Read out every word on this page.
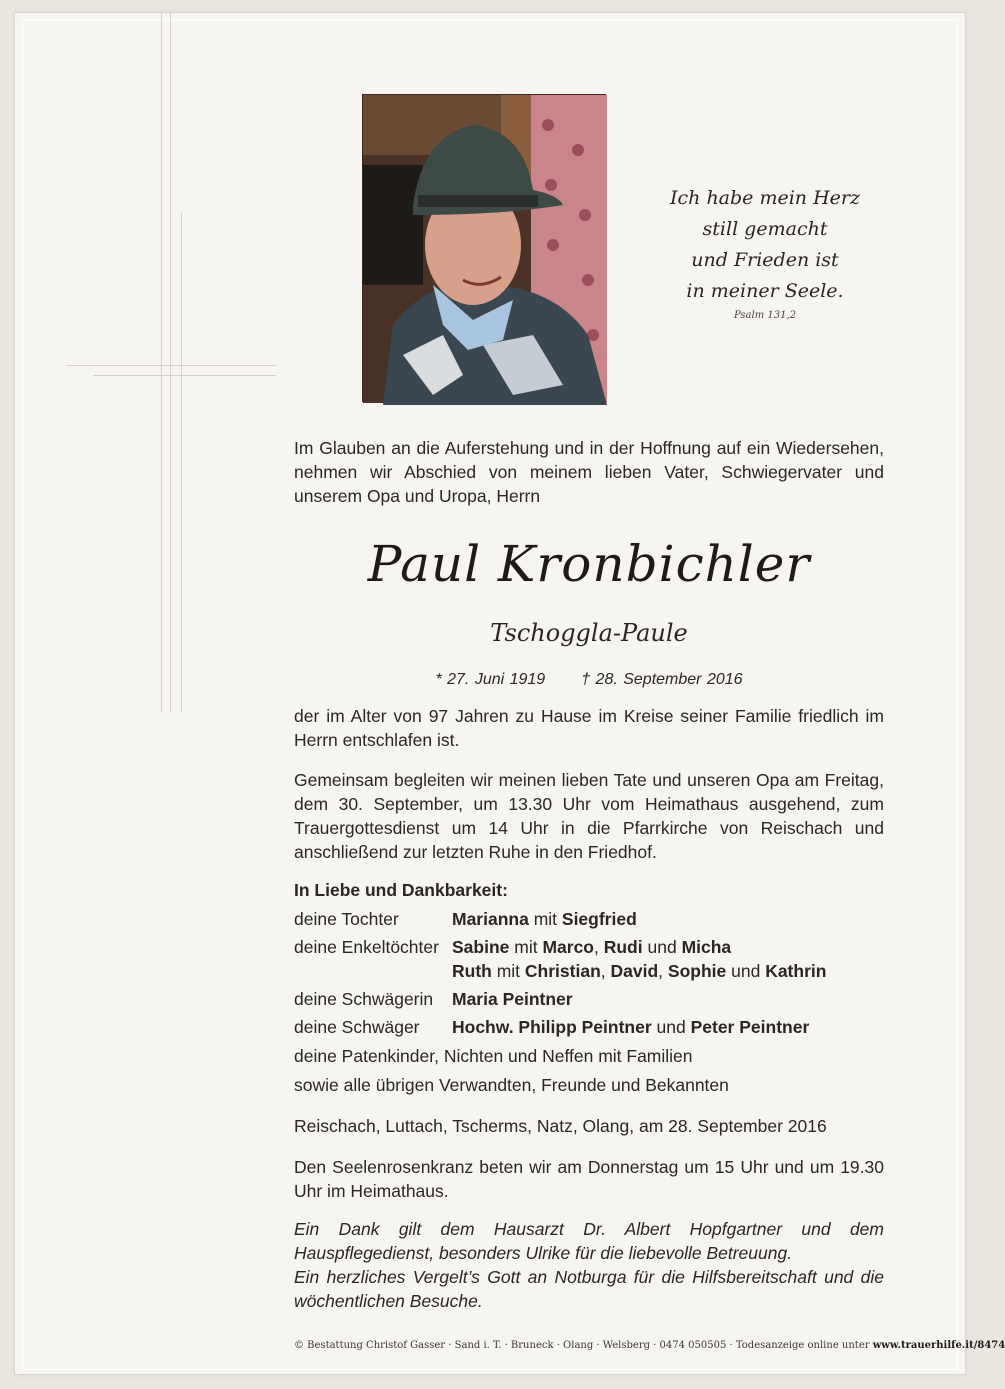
Ich habe mein Herz
still gemacht
und Frieden ist
in meiner Seele.
Psalm 131,2
Im Glauben an die Auferstehung und in der Hoffnung auf ein Wiedersehen, nehmen wir Abschied von meinem lieben Vater, Schwiegervater und unserem Opa und Uropa, Herrn
Paul Kronbichler
Tschoggla-Paule
* 27. Juni 1919 † 28. September 2016
der im Alter von 97 Jahren zu Hause im Kreise seiner Familie friedlich im Herrn entschlafen ist.
Gemeinsam begleiten wir meinen lieben Tate und unseren Opa am Freitag, dem 30. September, um 13.30 Uhr vom Heimathaus ausgehend, zum Trauergottesdienst um 14 Uhr in die Pfarrkirche von Reischach und anschließend zur letzten Ruhe in den Friedhof.
In Liebe und Dankbarkeit:
deine Tochter	Marianna mit Siegfried
deine Enkeltöchter Sabine mit Marco, Rudi und Micha
Ruth mit Christian, David, Sophie und Kathrin
deine Schwägerin Maria Peintner
deine Schwäger Hochw. Philipp Peintner und Peter Peintner
deine Patenkinder, Nichten und Neffen mit Familien
sowie alle übrigen Verwandten, Freunde und Bekannten
Reischach, Luttach, Tscherms, Natz, Olang, am 28. September 2016
Den Seelenrosenkranz beten wir am Donnerstag um 15 Uhr und um 19.30 Uhr im Heimathaus.
Ein Dank gilt dem Hausarzt Dr. Albert Hopfgartner und dem Hauspflegedienst, besonders Ulrike für die liebevolle Betreuung.
Ein herzliches Vergelt’s Gott an Notburga für die Hilfsbereitschaft und die wöchentlichen Besuche.
© Bestattung Christof Gasser · Sand i. T. · Bruneck · Olang · Welsberg · 0474 050505 · Todesanzeige online unter www.trauerhilfe.it/8474
